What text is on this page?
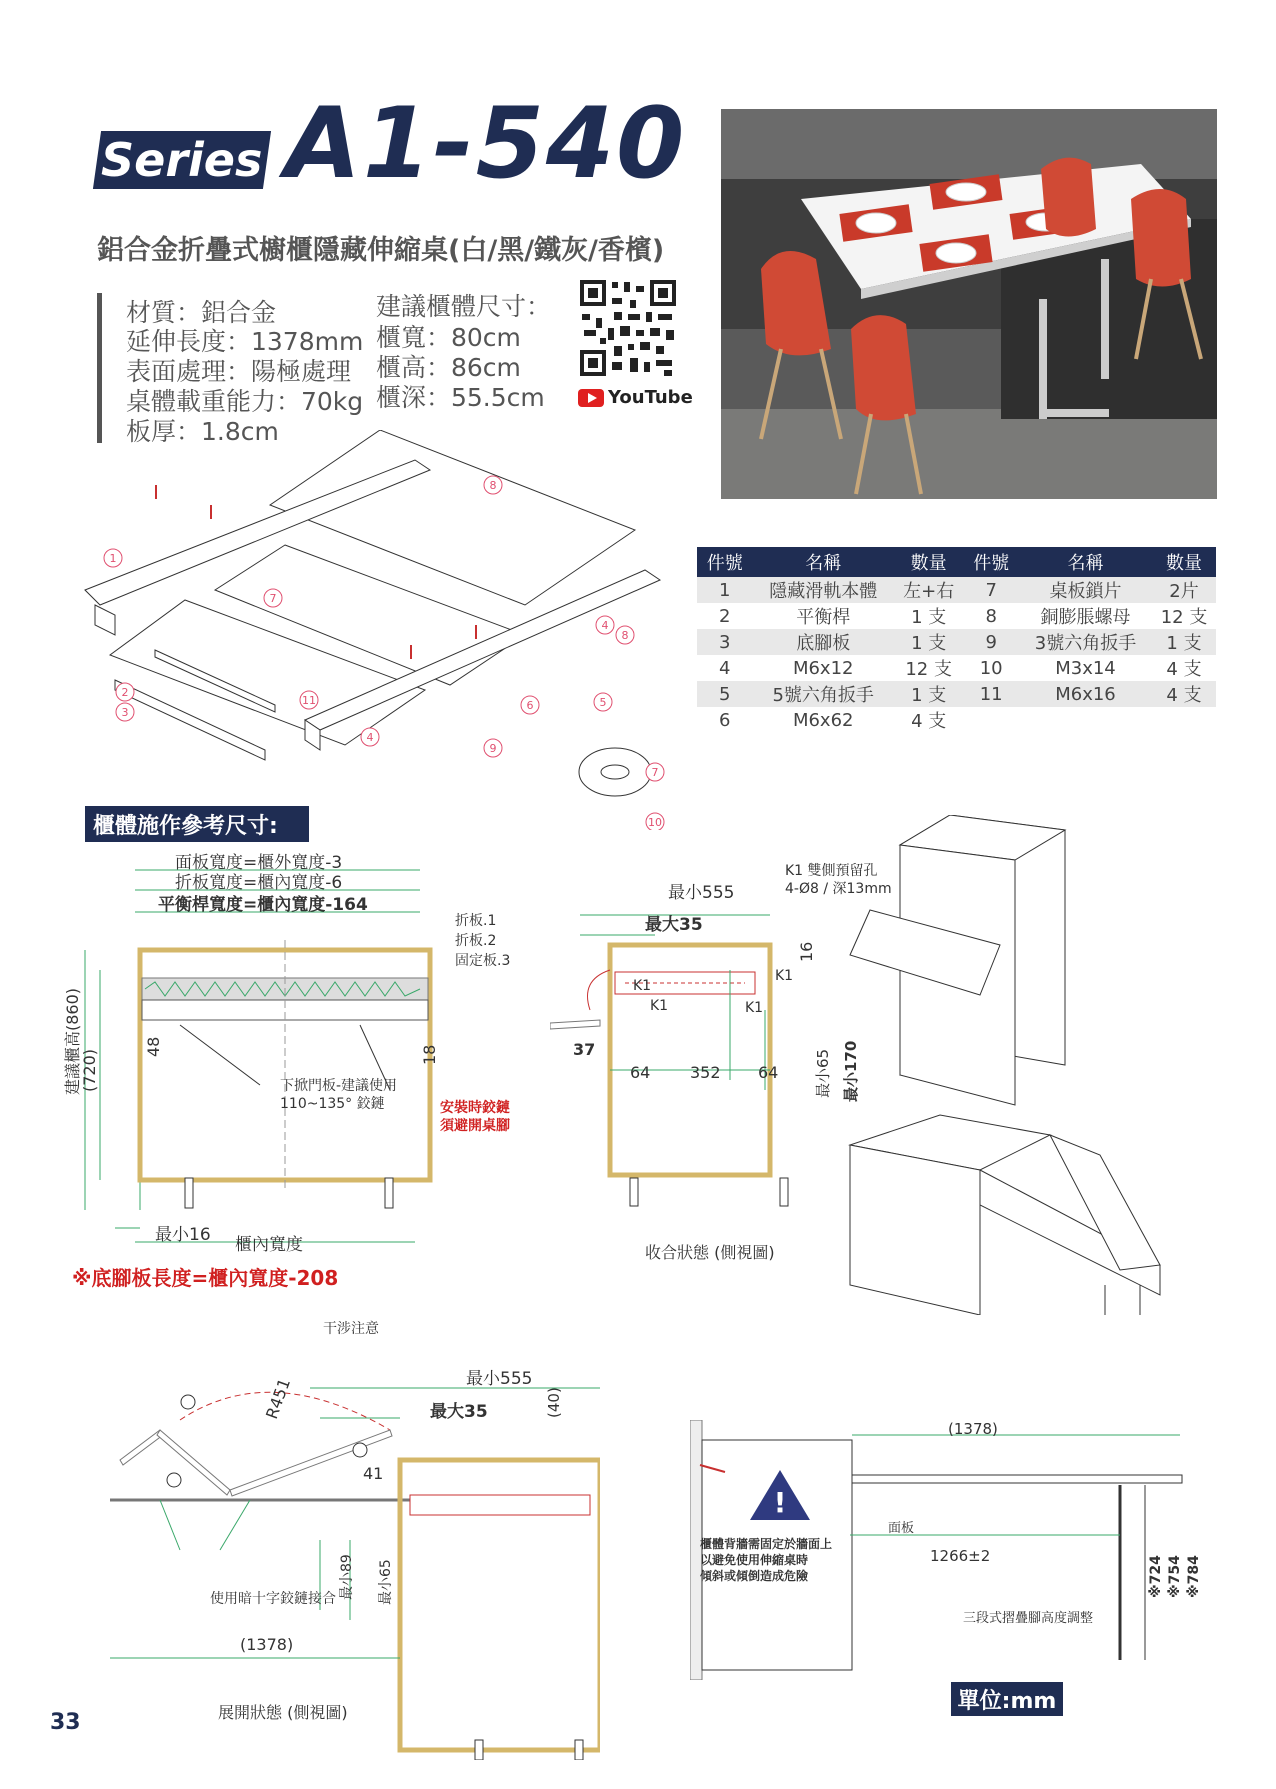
Series A1-540
鋁合金折疊式櫥櫃隱藏伸縮桌(白/黑/鐵灰/香檳)
材質：鋁合金
延伸長度：1378mm
表面處理：陽極處理
桌體載重能力：70kg
板厚：1.8cm
建議櫃體尺寸：
櫃寬：80cm
櫃高：86cm
櫃深：55.5cm	YouTube
1
7
8
4
8
6	5
2
3
11
4
9
7
10
件號	名稱	數量	件號	名稱	數量
1	隱藏滑軌本體	左+右	7	桌板鎖片	2片
2	平衡桿	1 支	8	銅膨脹螺母	12 支
3	底腳板	1 支	9	3號六角扳手	1 支
4	M6x12	12 支	10	M3x14	4 支
5	5號六角扳手	1 支	11	M6x16	4 支
6	M6x62	4 支			
櫃體施作參考尺寸:
面板寬度=櫃外寬度-3
折板寬度=櫃內寬度-6
平衡桿寬度=櫃內寬度-164
折板.1
折板.2
固定板.3
建議櫃高(860)
(720)
48	18
下掀門板-建議使用
110~135° 鉸鏈	安裝時鉸鏈
須避開桌腳
最小16 櫃內寬度
※底腳板長度=櫃內寬度-208
K1 雙側預留孔
4-Ø8 / 深13mm
最小555
最大35
16
K1
K1	K1
K1
37
64 352 64 最小65 最小170
收合狀態 (側視圖)
干涉注意
R451	最小555
最大35	(40)
41
最小89 最小65
使用暗十字鉸鏈接合
(1378)
展開狀態 (側視圖)
!
(1378)
面板
1266±2
櫃體背牆需固定於牆面上
以避免使用伸縮桌時
傾斜或傾倒造成危險
三段式摺疊腳高度調整
※724 ※754 ※784
單位:mm
33
